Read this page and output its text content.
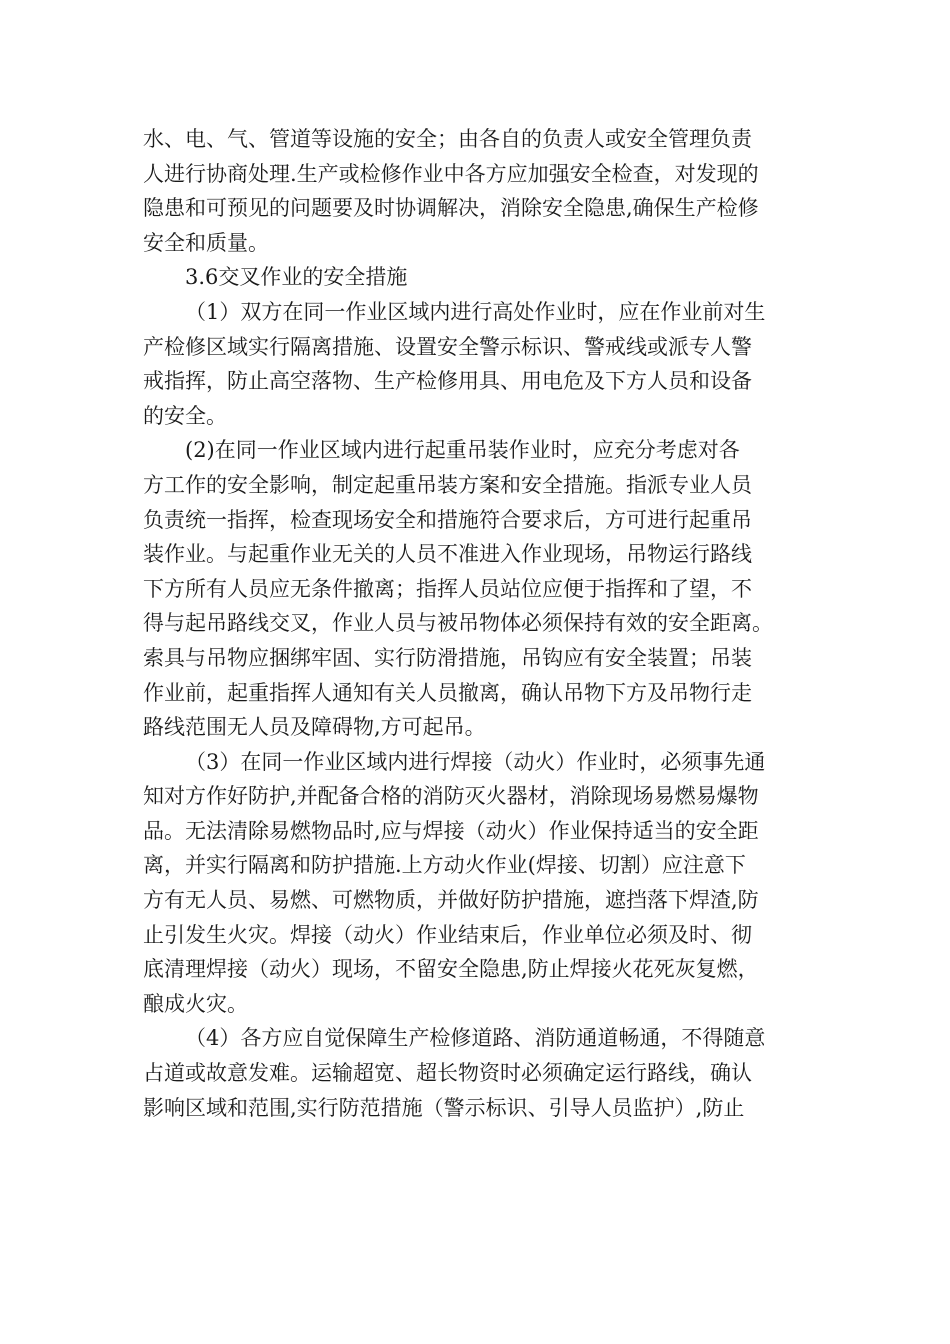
水、电、气、管道等设施的安全；由各自的负责人或安全管理负责
人进行协商处理.生产或检修作业中各方应加强安全检查，对发现的
隐患和可预见的问题要及时协调解决，消除安全隐患,确保生产检修
安全和质量。

3.6交叉作业的安全措施

（1）双方在同一作业区域内进行高处作业时，应在作业前对生
产检修区域实行隔离措施、设置安全警示标识、警戒线或派专人警
戒指挥，防止高空落物、生产检修用具、用电危及下方人员和设备
的安全。

(2)在同一作业区域内进行起重吊装作业时，应充分考虑对各
方工作的安全影响，制定起重吊装方案和安全措施。指派专业人员
负责统一指挥，检查现场安全和措施符合要求后，方可进行起重吊
装作业。与起重作业无关的人员不准进入作业现场，吊物运行路线
下方所有人员应无条件撤离；指挥人员站位应便于指挥和了望，不
得与起吊路线交叉，作业人员与被吊物体必须保持有效的安全距离。
索具与吊物应捆绑牢固、实行防滑措施，吊钩应有安全装置；吊装
作业前，起重指挥人通知有关人员撤离，确认吊物下方及吊物行走
路线范围无人员及障碍物,方可起吊。

（3）在同一作业区域内进行焊接（动火）作业时，必须事先通
知对方作好防护,并配备合格的消防灭火器材，消除现场易燃易爆物
品。无法清除易燃物品时,应与焊接（动火）作业保持适当的安全距
离，并实行隔离和防护措施.上方动火作业(焊接、切割）应注意下
方有无人员、易燃、可燃物质，并做好防护措施，遮挡落下焊渣,防
止引发生火灾。焊接（动火）作业结束后，作业单位必须及时、彻
底清理焊接（动火）现场，不留安全隐患,防止焊接火花死灰复燃，
酿成火灾。

（4）各方应自觉保障生产检修道路、消防通道畅通，不得随意
占道或故意发难。运输超宽、超长物资时必须确定运行路线，确认
影响区域和范围,实行防范措施（警示标识、引导人员监护）,防止
